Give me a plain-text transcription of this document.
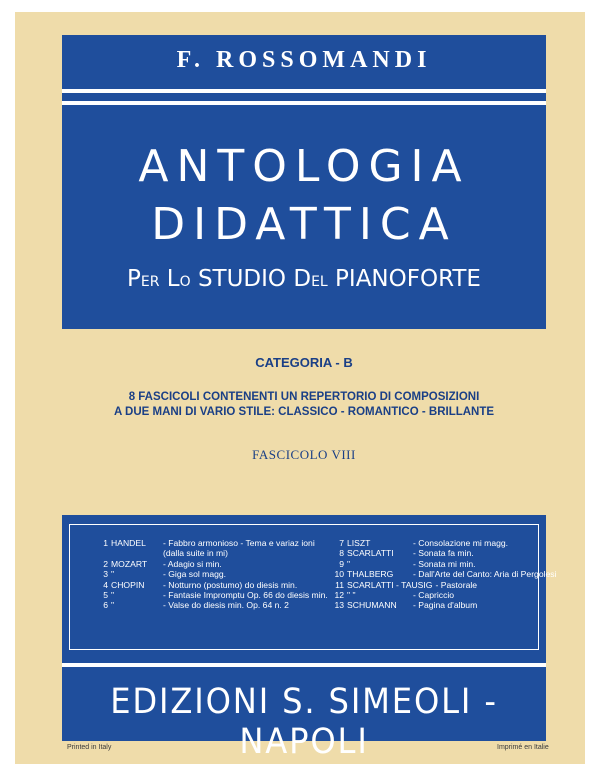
F. ROSSOMANDI
ANTOLOGIA
DIDATTICA
PER LO STUDIO DEL PIANOFORTE
CATEGORIA - B
8 FASCICOLI CONTENENTI UN REPERTORIO DI COMPOSIZIONI
A DUE MANI DI VARIO STILE: CLASSICO - ROMANTICO - BRILLANTE
FASCICOLO VIII
1 HANDEL - Fabbro armonioso - Tema e variaz ioni
(dalla suite in mi)
2 MOZART - Adagio si min.
3 "	- Giga sol magg.
4 CHOPIN - Notturno (postumo) do diesis min.
5 "	- Fantasie Impromptu Op. 66 do diesis min.
6 "	- Valse do diesis min. Op. 64 n. 2
7 LISZT	- Consolazione mi magg.
8 SCARLATTI - Sonata fa min.
9 "	- Sonata mi min.
10 THALBERG - Dall'Arte del Canto: Aria di Pergolesi
11 SCARLATTI - TAUSIG - Pastorale
12 " "	- Capriccio
13 SCHUMANN - Pagina d'album
EDIZIONI S. SIMEOLI - NAPOLI
Printed in Italy	Imprimé en Italie
